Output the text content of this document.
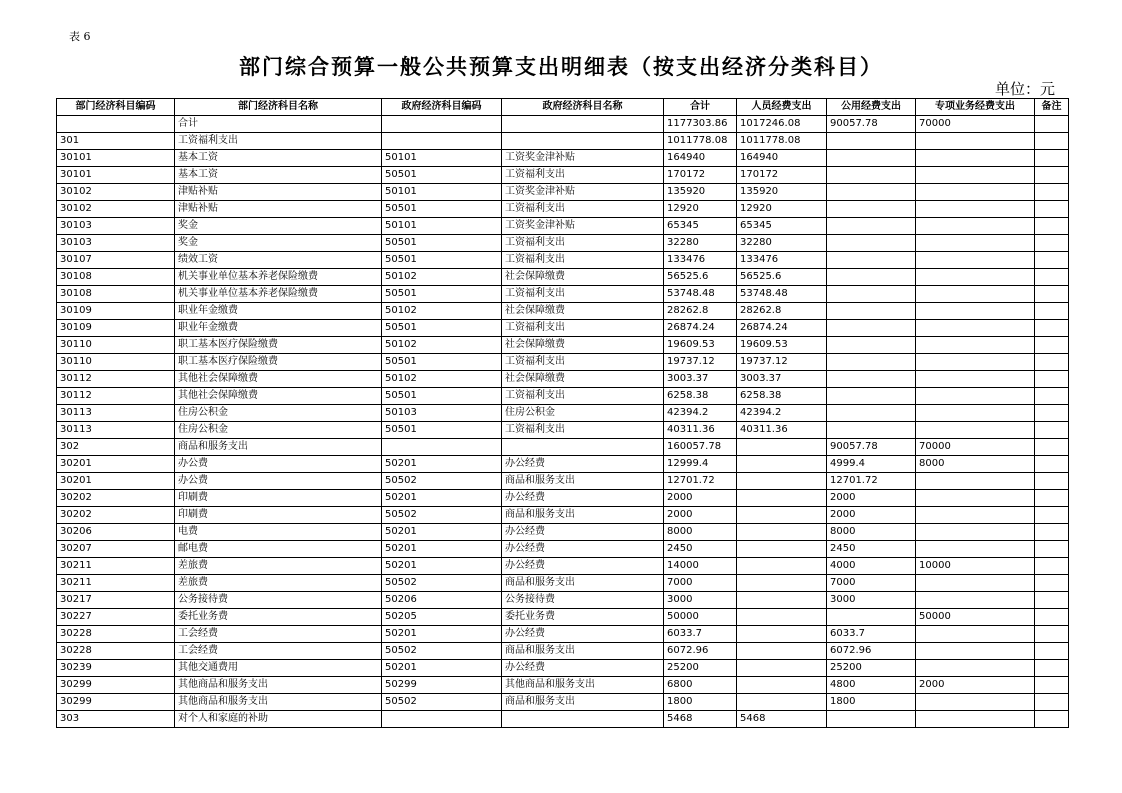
表 6
部门综合预算一般公共预算支出明细表（按支出经济分类科目）
单位：元
部门经济科目编码	部门经济科目名称	政府经济科目编码	政府经济科目名称	合计	人员经费支出	公用经费支出	专项业务经费支出	备注
	合计			1177303.86	1017246.08	90057.78	70000	
301	工资福利支出			1011778.08	1011778.08			
30101	基本工资	50101	工资奖金津补贴	164940	164940			
30101	基本工资	50501	工资福利支出	170172	170172			
30102	津贴补贴	50101	工资奖金津补贴	135920	135920			
30102	津贴补贴	50501	工资福利支出	12920	12920			
30103	奖金	50101	工资奖金津补贴	65345	65345			
30103	奖金	50501	工资福利支出	32280	32280			
30107	绩效工资	50501	工资福利支出	133476	133476			
30108	机关事业单位基本养老保险缴费	50102	社会保障缴费	56525.6	56525.6			
30108	机关事业单位基本养老保险缴费	50501	工资福利支出	53748.48	53748.48			
30109	职业年金缴费	50102	社会保障缴费	28262.8	28262.8			
30109	职业年金缴费	50501	工资福利支出	26874.24	26874.24			
30110	职工基本医疗保险缴费	50102	社会保障缴费	19609.53	19609.53			
30110	职工基本医疗保险缴费	50501	工资福利支出	19737.12	19737.12			
30112	其他社会保障缴费	50102	社会保障缴费	3003.37	3003.37			
30112	其他社会保障缴费	50501	工资福利支出	6258.38	6258.38			
30113	住房公积金	50103	住房公积金	42394.2	42394.2			
30113	住房公积金	50501	工资福利支出	40311.36	40311.36			
302	商品和服务支出			160057.78		90057.78	70000	
30201	办公费	50201	办公经费	12999.4		4999.4	8000	
30201	办公费	50502	商品和服务支出	12701.72		12701.72		
30202	印刷费	50201	办公经费	2000		2000		
30202	印刷费	50502	商品和服务支出	2000		2000		
30206	电费	50201	办公经费	8000		8000		
30207	邮电费	50201	办公经费	2450		2450		
30211	差旅费	50201	办公经费	14000		4000	10000	
30211	差旅费	50502	商品和服务支出	7000		7000		
30217	公务接待费	50206	公务接待费	3000		3000		
30227	委托业务费	50205	委托业务费	50000			50000	
30228	工会经费	50201	办公经费	6033.7		6033.7		
30228	工会经费	50502	商品和服务支出	6072.96		6072.96		
30239	其他交通费用	50201	办公经费	25200		25200		
30299	其他商品和服务支出	50299	其他商品和服务支出	6800		4800	2000	
30299	其他商品和服务支出	50502	商品和服务支出	1800		1800		
303	对个人和家庭的补助			5468	5468			
